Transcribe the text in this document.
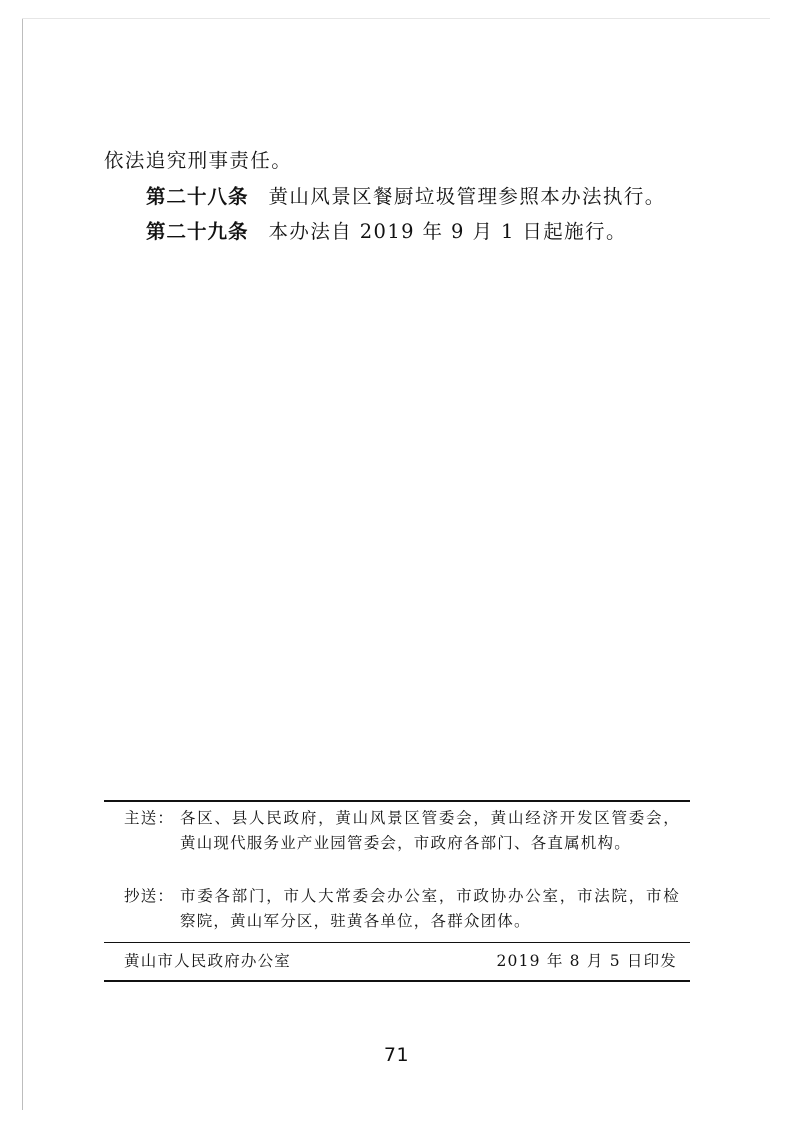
依法追究刑事责任。
第二十八条 黄山风景区餐厨垃圾管理参照本办法执行。
第二十九条 本办法自 2019 年 9 月 1 日起施行。
主送： 各区、县人民政府，黄山风景区管委会，黄山经济开发区管委会，黄山现代服务业产业园管委会，市政府各部门、各直属机构。
抄送： 市委各部门，市人大常委会办公室，市政协办公室，市法院，市检察院，黄山军分区，驻黄各单位，各群众团体。
黄山市人民政府办公室	2019 年 8 月 5 日印发
71
